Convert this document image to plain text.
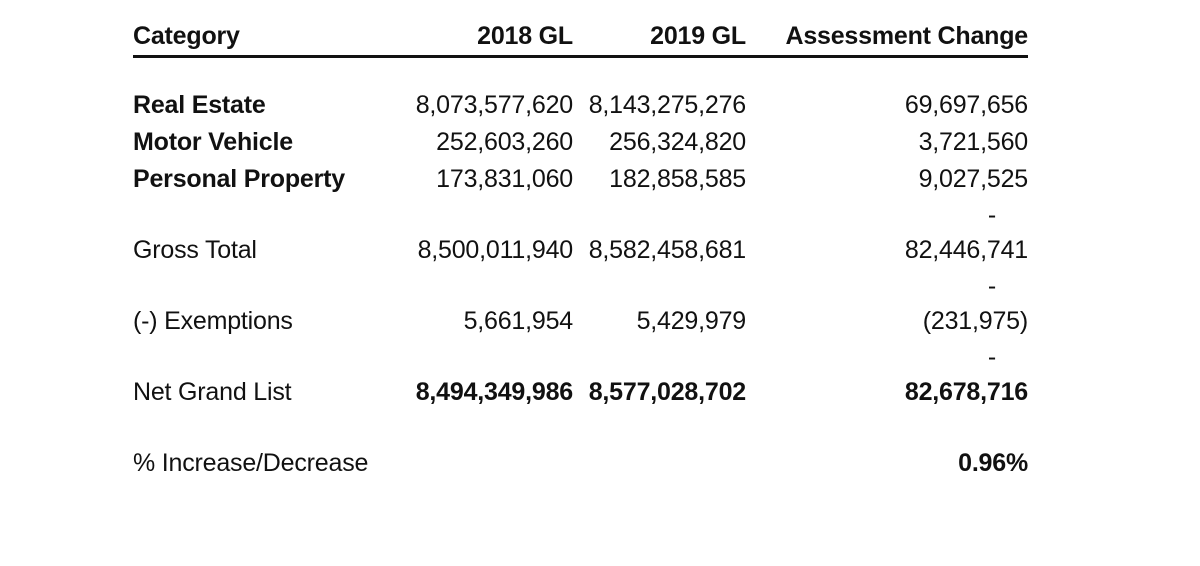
Category	2018 GL	2019 GL	Assessment Change

Real Estate	8,073,577,620	8,143,275,276	69,697,656
Motor Vehicle	252,603,260	256,324,820	3,721,560
Personal Property	173,831,060	182,858,585	9,027,525
			-
Gross Total	8,500,011,940	8,582,458,681	82,446,741
			-
(-) Exemptions	5,661,954	5,429,979	(231,975)
			-
Net Grand List	8,494,349,986	8,577,028,702	82,678,716

% Increase/Decrease			0.96%
